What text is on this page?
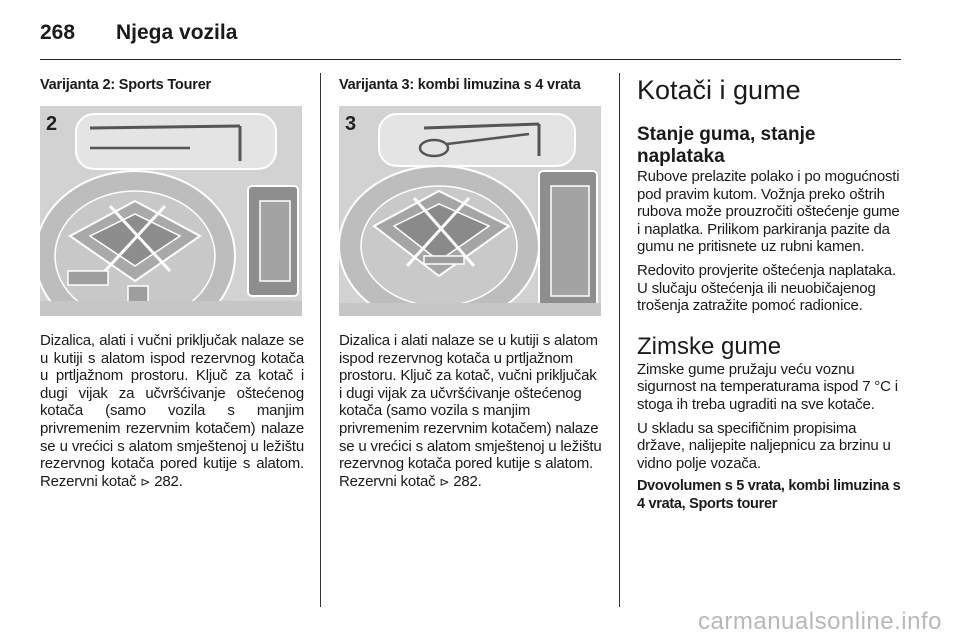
268 Njega vozila
Varijanta 2: Sports Tourer
2

Dizalica, alati i vučni priključak nalaze se u kutiji s alatom ispod rezervnog kotača u prtljažnom prostoru. Ključ za kotač i dugi vijak za učvršćivanje oštećenog kotača (samo vozila s manjim privremenim rezervnim kotačem) nalaze se u vrećici s alatom smještenoj u ležištu rezervnog kotača pored kutije s alatom. Rezervni kotač ⊳ 282.

Varijanta 3: kombi limuzina s 4 vrata
3

Dizalica i alati nalaze se u kutiji s alatom ispod rezervnog kotača u prtljažnom prostoru. Ključ za kotač, vučni priključak i dugi vijak za učvršćivanje oštećenog kotača (samo vozila s manjim privremenim rezervnim kotačem) nalaze se u vrećici s alatom smještenoj u ležištu rezervnog kotača pored kutije s alatom. Rezervni kotač ⊳ 282.

Kotači i gume
Stanje guma, stanje naplataka

Rubove prelazite polako i po mogućnosti pod pravim kutom. Vožnja preko oštrih rubova može prouzročiti oštećenje gume i naplatka. Prilikom parkiranja pazite da gumu ne pritisnete uz rubni kamen.

Redovito provjerite oštećenja naplataka. U slučaju oštećenja ili neuobičajenog trošenja zatražite pomoć radionice.

Zimske gume

Zimske gume pružaju veću voznu sigurnost na temperaturama ispod 7 °C i stoga ih treba ugraditi na sve kotače.

U skladu sa specifičnim propisima države, nalijepite naljepnicu za brzinu u vidno polje vozača.

Dvovolumen s 5 vrata, kombi limuzina s 4 vrata, Sports tourer

carmanualsonline.info
